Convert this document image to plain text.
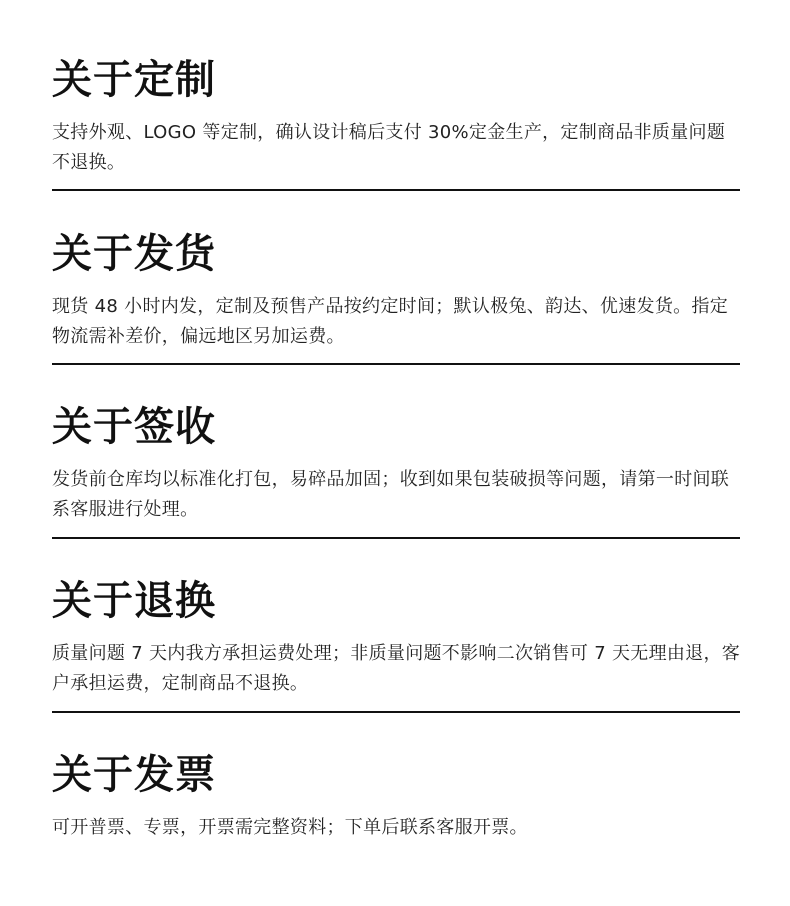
关于定制

支持外观、LOGO 等定制，确认设计稿后支付 30%定金生产，定制商品非质量问题不退换。

关于发货

现货 48 小时内发，定制及预售产品按约定时间；默认极兔、韵达、优速发货。指定物流需补差价，偏远地区另加运费。

关于签收

发货前仓库均以标准化打包，易碎品加固；收到如果包装破损等问题，请第一时间联系客服进行处理。

关于退换

质量问题 7 天内我方承担运费处理；非质量问题不影响二次销售可 7 天无理由退，客户承担运费，定制商品不退换。

关于发票

可开普票、专票，开票需完整资料；下单后联系客服开票。
